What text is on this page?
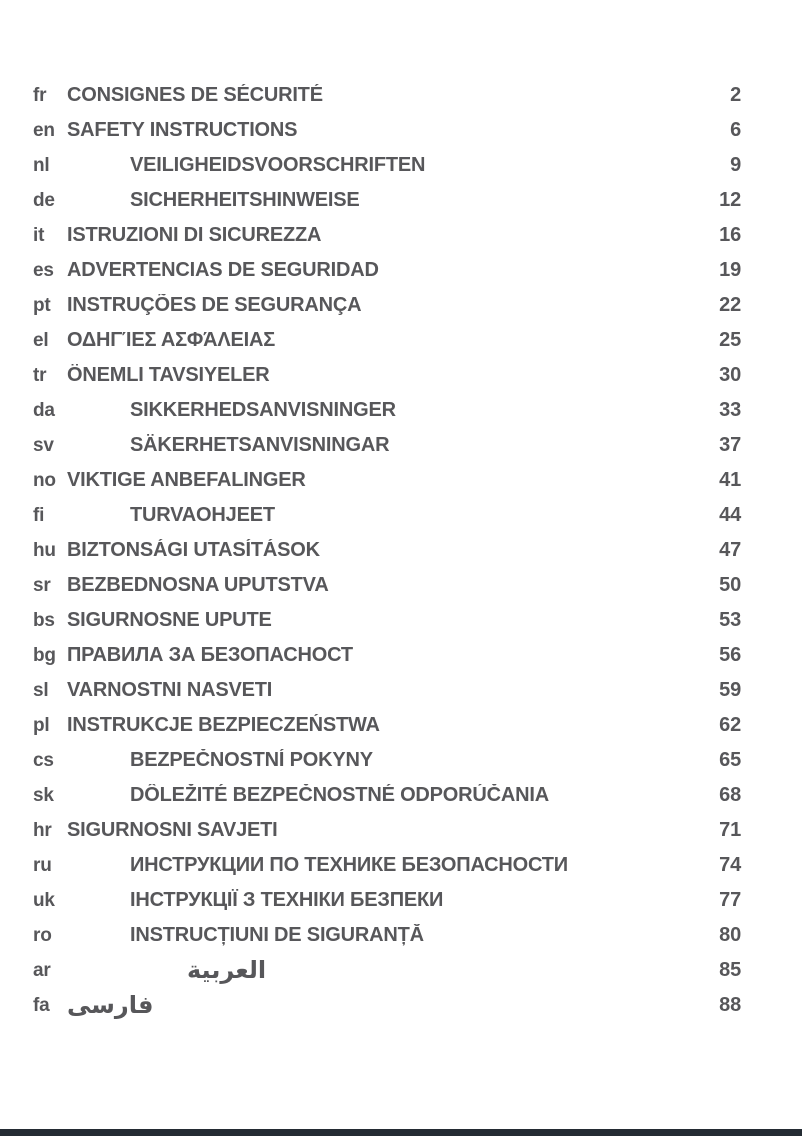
fr	CONSIGNES DE SÉCURITÉ	2
en SAFETY INSTRUCTIONS	6
nl	VEILIGHEIDSVOORSCHRIFTEN	9
de	SICHERHEITSHINWEISE	12
it	ISTRUZIONI DI SICUREZZA	16
es ADVERTENCIAS DE SEGURIDAD	19
pt INSTRUÇÕES DE SEGURANÇA	22
el ΟΔΗΓΊΕΣ ΑΣΦΆΛΕΙΑΣ	25
tr	ÖNEMLI TAVSIYELER	30
da	SIKKERHEDSANVISNINGER	33
sv	SÄKERHETSANVISNINGAR	37
no VIKTIGE ANBEFALINGER	41
fi	TURVAOHJEET	44
hu BIZTONSÁGI UTASÍTÁSOK	47
sr BEZBEDNOSNA UPUTSTVA	50
bs SIGURNOSNE UPUTE	53
bg ПРАВИЛА ЗА БЕЗОПАСНОСТ	56
sl VARNOSTNI NASVETI	59
pl INSTRUKCJE BEZPIECZEŃSTWA	62
cs	BEZPEČNOSTNÍ POKYNY	65
sk	DÔLEŽITÉ BEZPEČNOSTNÉ ODPORÚČANIA	68
hr SIGURNOSNI SAVJETI	71
ru	ИНСТРУКЦИИ ПО ТЕХНИКЕ БЕЗОПАСНОСТИ	74
uk	ІНСТРУКЦІЇ З ТЕХНІКИ БЕЗПЕКИ	77
ro	INSTRUCȚIUNI DE SIGURANȚĂ	80
ar	العربية	85
fa فارسی	88
